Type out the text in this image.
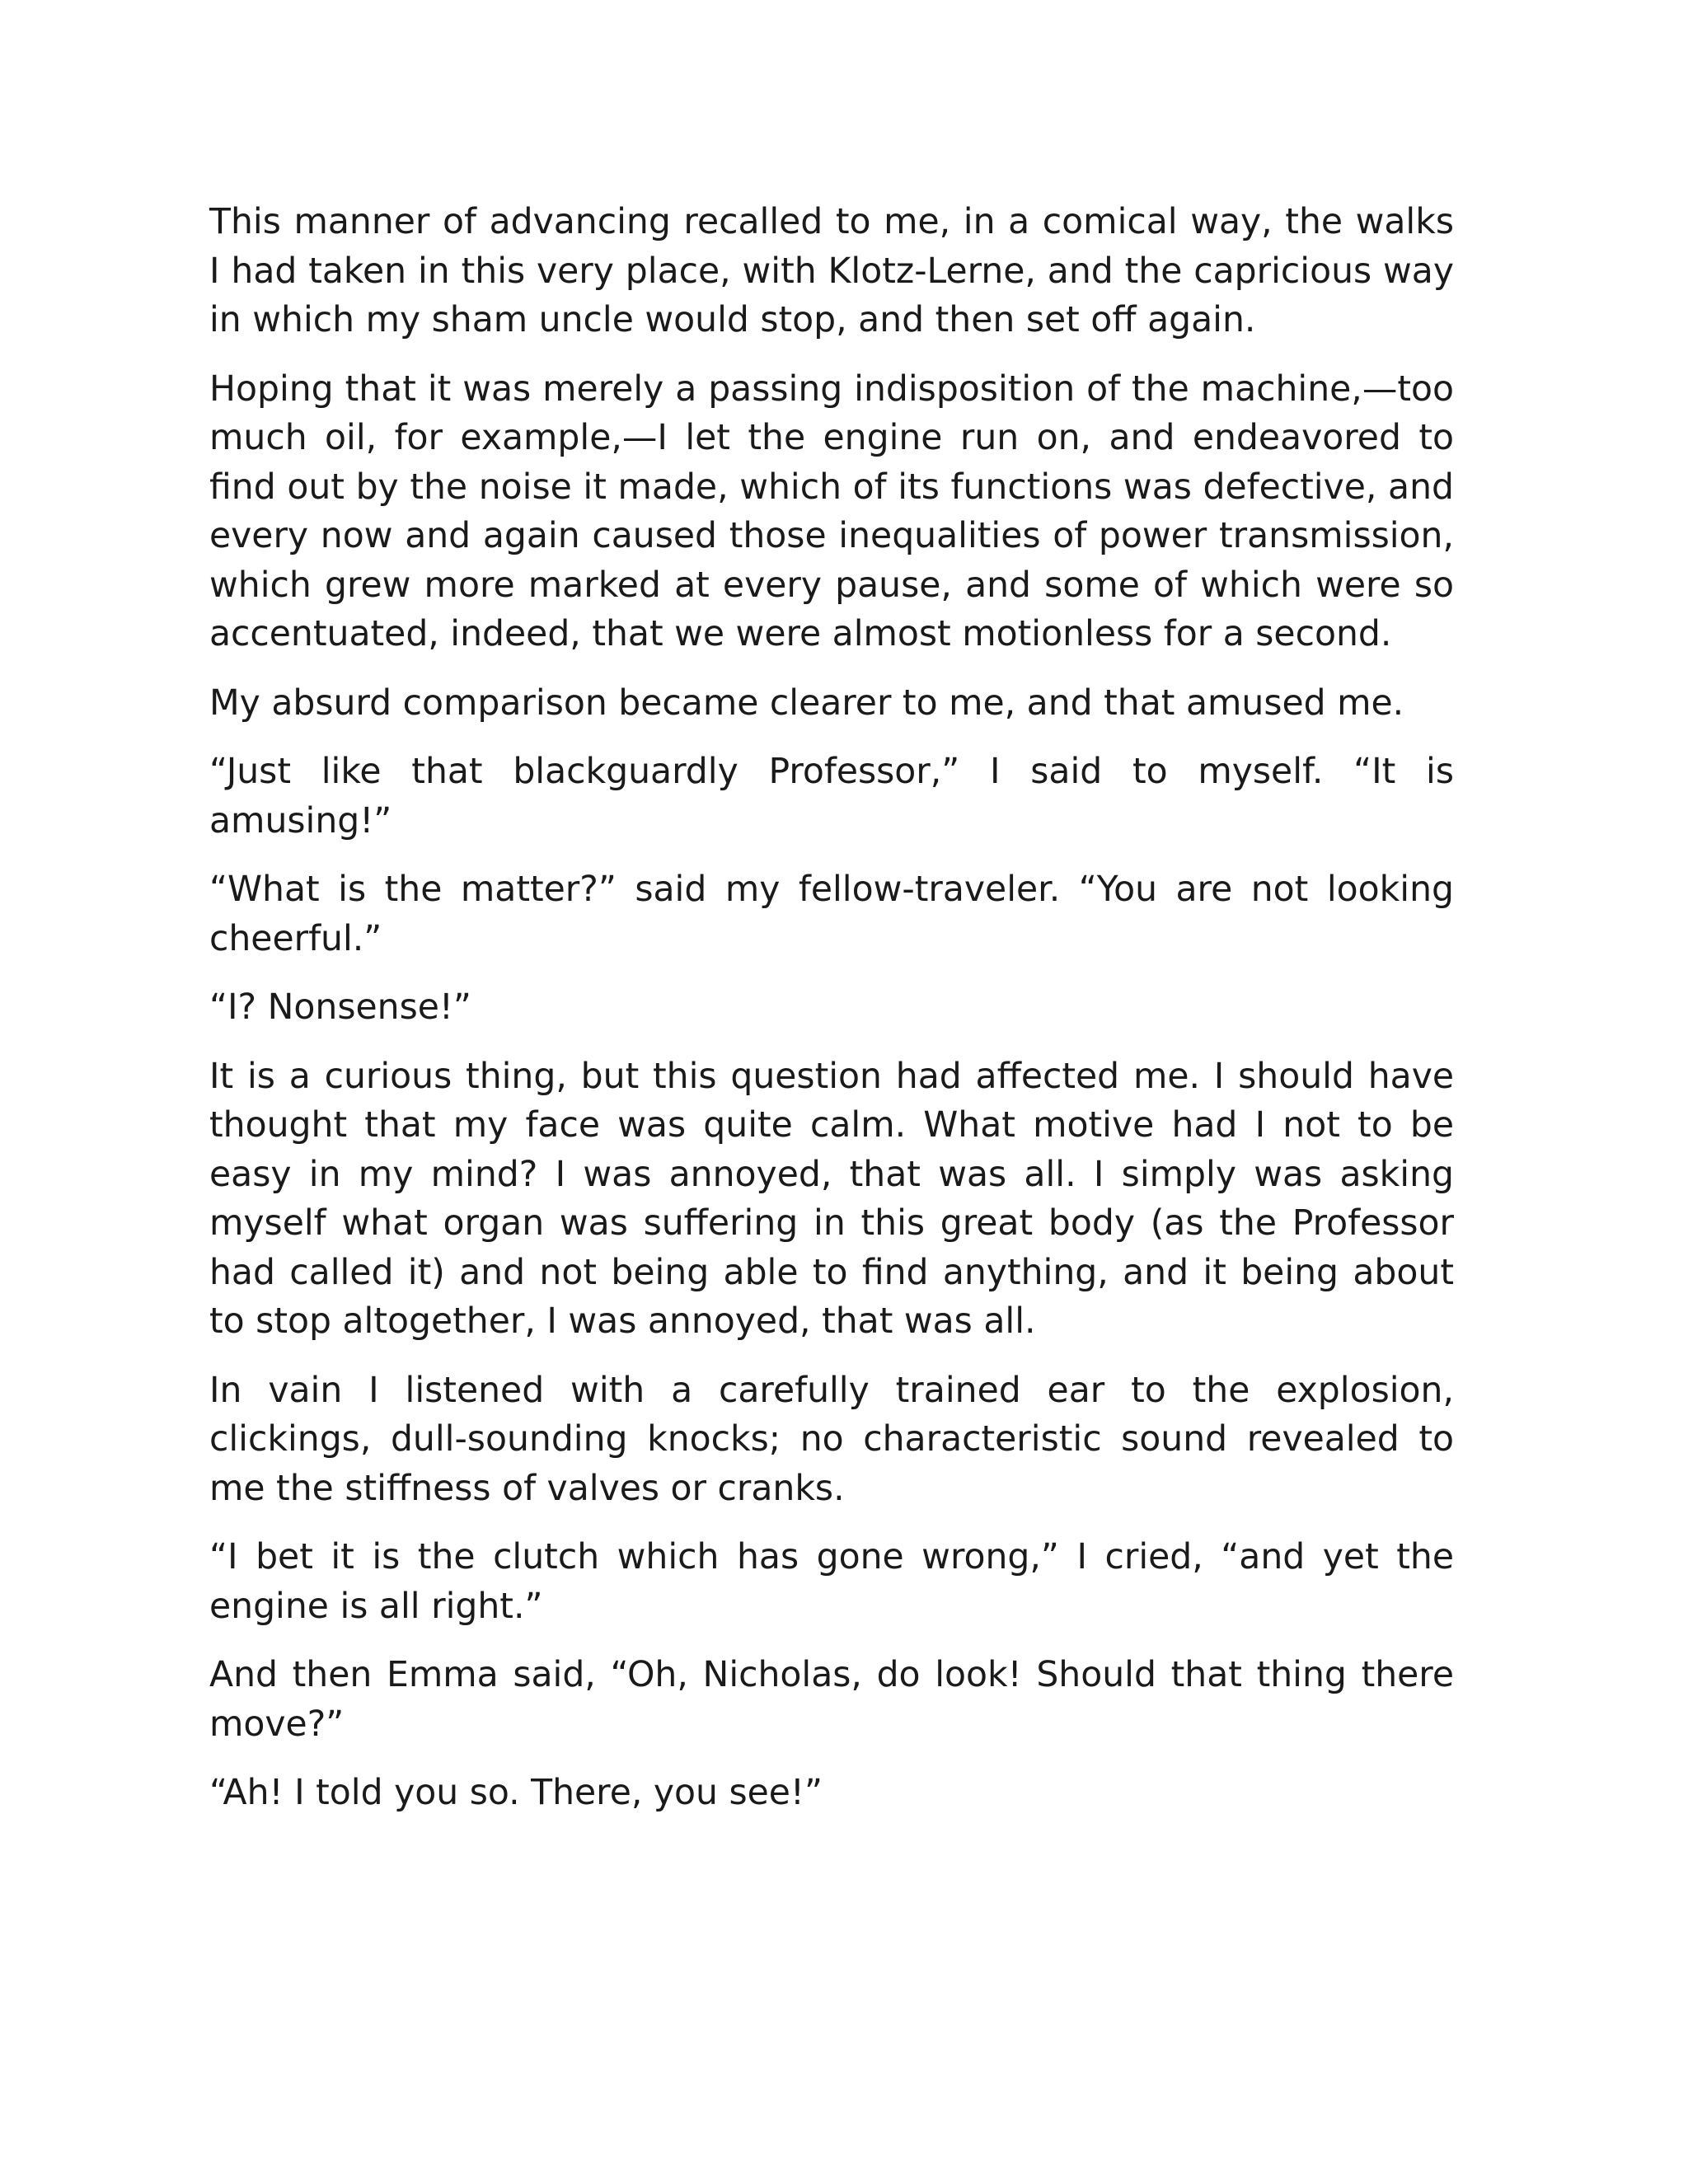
This manner of advancing recalled to me, in a comical way, the walks I had taken in this very place, with Klotz-Lerne, and the capricious way in which my sham uncle would stop, and then set off again.

Hoping that it was merely a passing indisposition of the machine,—too much oil, for example,—I let the engine run on, and endeavored to find out by the noise it made, which of its functions was defective, and every now and again caused those inequalities of power transmission, which grew more marked at every pause, and some of which were so accentuated, indeed, that we were almost motionless for a second.

My absurd comparison became clearer to me, and that amused me.

“Just like that blackguardly Professor,” I said to myself. “It is amusing!”

“What is the matter?” said my fellow-traveler. “You are not looking cheerful.”

“I? Nonsense!”

It is a curious thing, but this question had affected me. I should have thought that my face was quite calm. What motive had I not to be easy in my mind? I was annoyed, that was all. I simply was asking myself what organ was suffering in this great body (as the Professor had called it) and not being able to find anything, and it being about to stop altogether, I was annoyed, that was all.

In vain I listened with a carefully trained ear to the explosion, clickings, dull-sounding knocks; no characteristic sound revealed to me the stiffness of valves or cranks.

“I bet it is the clutch which has gone wrong,” I cried, “and yet the engine is all right.”

And then Emma said, “Oh, Nicholas, do look! Should that thing there move?”

“Ah! I told you so. There, you see!”
